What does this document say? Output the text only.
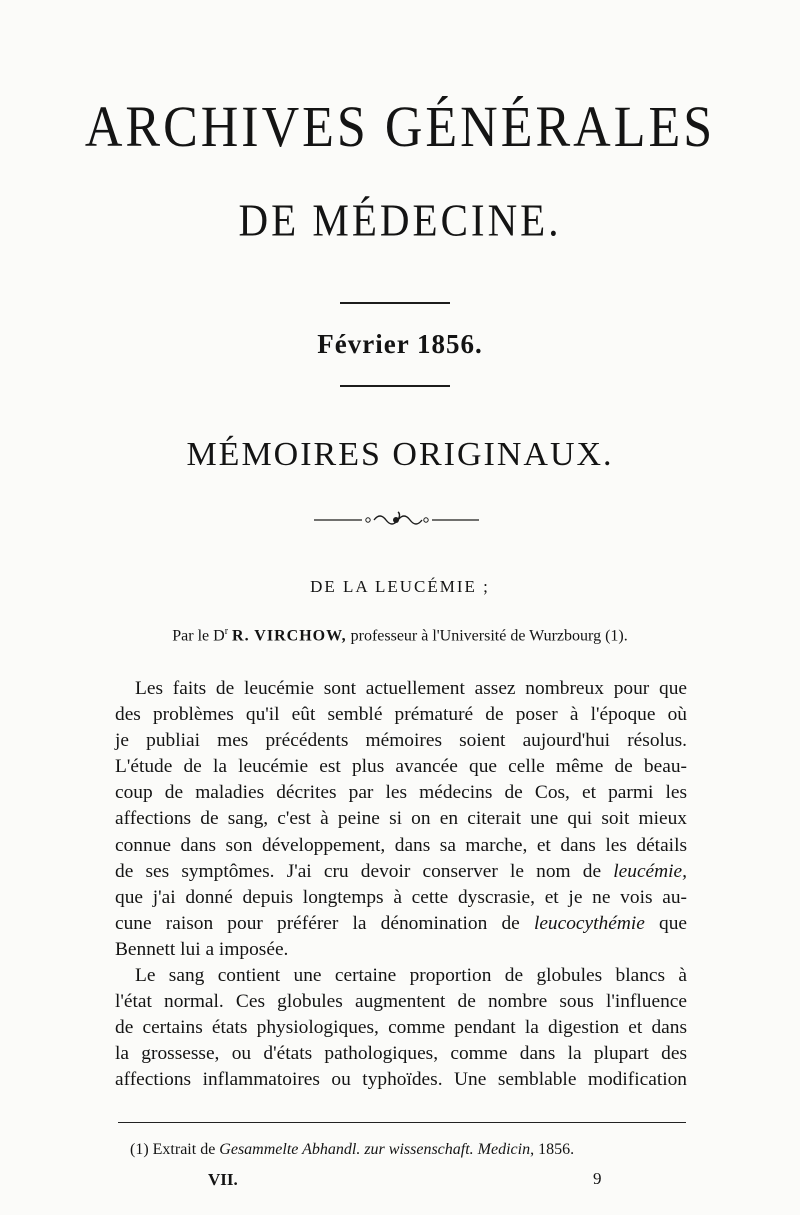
ARCHIVES GÉNÉRALES
DE MÉDECINE.
Février 1856.
MÉMOIRES ORIGINAUX.
DE LA LEUCÉMIE ;
Par le $D^r$ R. VIRCHOW, professeur à l'Université de Wurzbourg (1).
Les faits de leucémie sont actuellement assez nombreux pour que
des problèmes qu'il eût semblé prématuré de poser à l'époque où
je publiai mes précédents mémoires soient aujourd'hui résolus.
L'étude de la leucémie est plus avancée que celle même de beau-
coup de maladies décrites par les médecins de Cos, et parmi les
affections de sang, c'est à peine si on en citerait une qui soit mieux
connue dans son développement, dans sa marche, et dans les détails
de ses symptômes. J'ai cru devoir conserver le nom de leucémie,
que j'ai donné depuis longtemps à cette dyscrasie, et je ne vois au-
cune raison pour préférer la dénomination de leucocythémie que
Bennett lui a imposée.
Le sang contient une certaine proportion de globules blancs à
l'état normal. Ces globules augmentent de nombre sous l'influence
de certains états physiologiques, comme pendant la digestion et dans
la grossesse, ou d'états pathologiques, comme dans la plupart des
affections inflammatoires ou typhoïdes. Une semblable modification
(1) Extrait de Gesammelte Abhandl. zur wissenschaft. Medicin, 1856.
VII.	9
